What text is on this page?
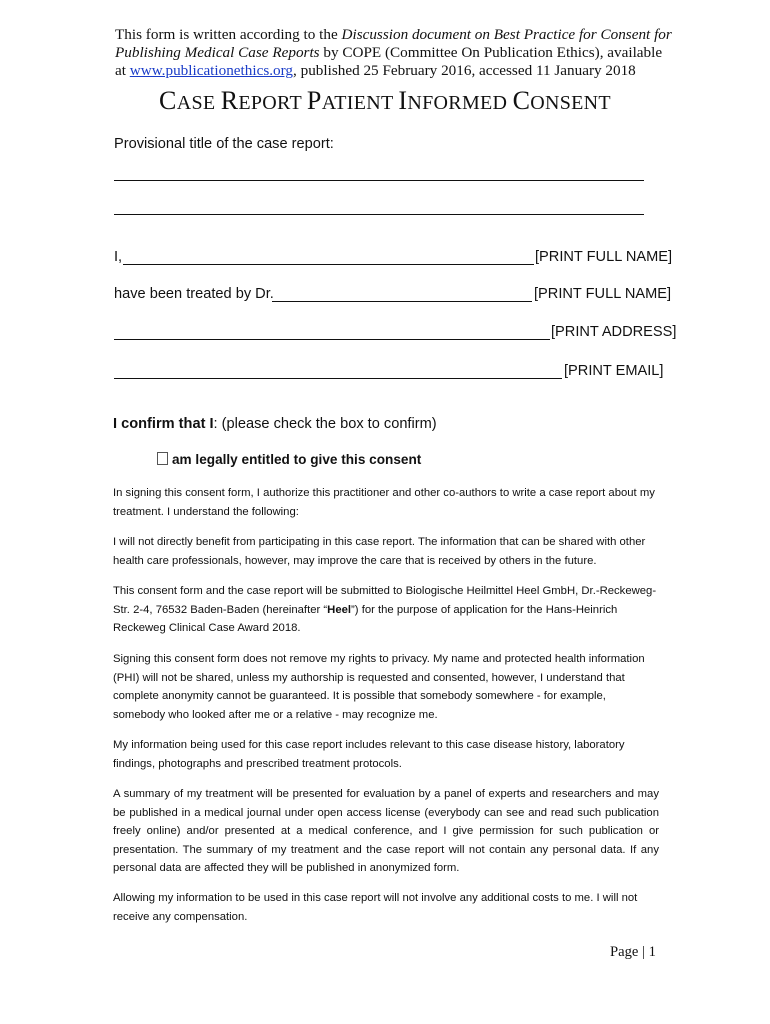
This form is written according to the Discussion document on Best Practice for Consent for Publishing Medical Case Reports by COPE (Committee On Publication Ethics), available at www.publicationethics.org, published 25 February 2016, accessed 11 January 2018
CASE REPORT PATIENT INFORMED CONSENT
Provisional title of the case report:
I,	[PRINT FULL NAME]
have been treated by Dr.	[PRINT FULL NAME]
[PRINT ADDRESS]
[PRINT EMAIL]
I confirm that I: (please check the box to confirm)
am legally entitled to give this consent
In signing this consent form, I authorize this practitioner and other co-authors to write a case report about my treatment. I understand the following:
I will not directly benefit from participating in this case report. The information that can be shared with other health care professionals, however, may improve the care that is received by others in the future.
This consent form and the case report will be submitted to Biologische Heilmittel Heel GmbH, Dr.-Reckeweg-Str. 2-4, 76532 Baden-Baden (hereinafter “Heel”) for the purpose of application for the Hans-Heinrich Reckeweg Clinical Case Award 2018.
Signing this consent form does not remove my rights to privacy. My name and protected health information (PHI) will not be shared, unless my authorship is requested and consented, however, I understand that complete anonymity cannot be guaranteed. It is possible that somebody somewhere - for example, somebody who looked after me or a relative - may recognize me.
My information being used for this case report includes relevant to this case disease history, laboratory findings, photographs and prescribed treatment protocols.
A summary of my treatment will be presented for evaluation by a panel of experts and researchers and may be published in a medical journal under open access license (everybody can see and read such publication freely online) and/or presented at a medical conference, and I give permission for such publication or presentation. The summary of my treatment and the case report will not contain any personal data. If any personal data are affected they will be published in anonymized form.
Allowing my information to be used in this case report will not involve any additional costs to me. I will not receive any compensation.
Page | 1
